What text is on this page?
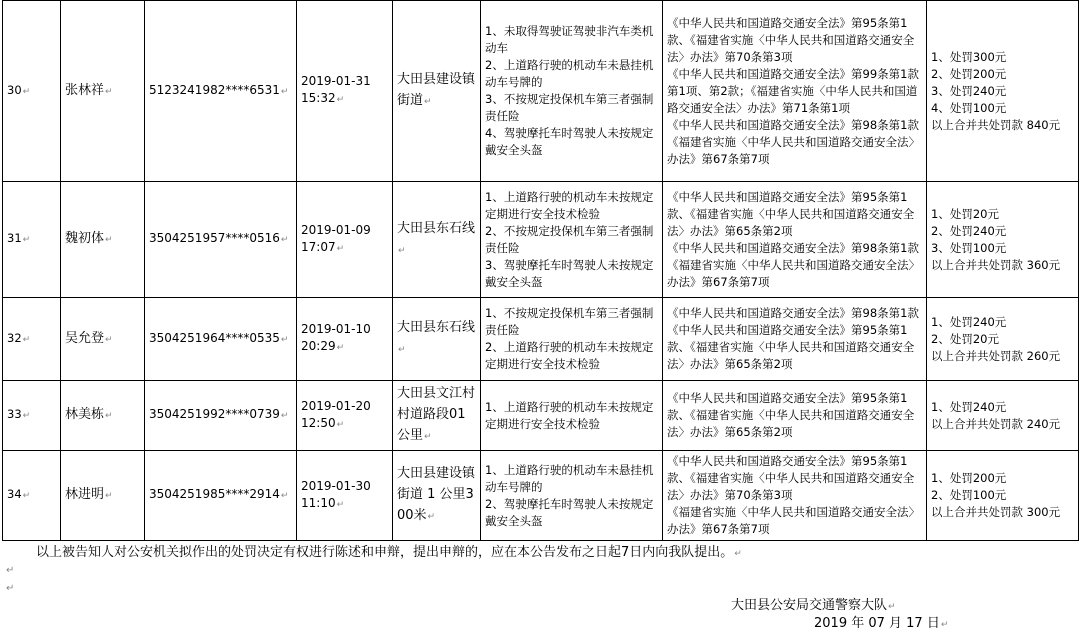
30↵	张林祥↵	5123241982****6531↵	2019-01-31
15:32↵	大田县建设镇街道↵	1、未取得驾驶证驾驶非汽车类机动车
2、上道路行驶的机动车未悬挂机动车号牌的
3、不按规定投保机车第三者强制责任险
4、驾驶摩托车时驾驶人未按规定戴安全头盔	《中华人民共和国道路交通安全法》第95条第1款、《福建省实施〈中华人民共和国道路交通安全法〉办法》第70条第3项
《中华人民共和国道路交通安全法》第99条第1款第1项、第2款；《福建省实施〈中华人民共和国道路交通安全法〉办法》第71条第1项
《中华人民共和国道路交通安全法》第98条第1款
《福建省实施〈中华人民共和国道路交通安全法〉办法》第67条第7项	1、处罚300元
2、处罚200元
3、处罚240元
4、处罚100元
以上合并共处罚款 840元

31↵	魏初体↵	3504251957****0516↵	2019-01-09
17:07↵	大田县东石线↵	1、上道路行驶的机动车未按规定定期进行安全技术检验
2、不按规定投保机车第三者强制责任险
3、驾驶摩托车时驾驶人未按规定戴安全头盔	《中华人民共和国道路交通安全法》第95条第1款、《福建省实施〈中华人民共和国道路交通安全法〉办法》第65条第2项
《中华人民共和国道路交通安全法》第98条第1款
《福建省实施〈中华人民共和国道路交通安全法〉办法》第67条第7项	1、处罚20元
2、处罚240元
3、处罚100元
以上合并共处罚款 360元

32↵	吴允登↵	3504251964****0535↵	2019-01-10
20:29↵	大田县东石线↵	1、不按规定投保机车第三者强制责任险
2、上道路行驶的机动车未按规定定期进行安全技术检验	《中华人民共和国道路交通安全法》第98条第1款
《中华人民共和国道路交通安全法》第95条第1款、《福建省实施〈中华人民共和国道路交通安全法〉办法》第65条第2项	1、处罚240元
2、处罚20元
以上合并共处罚款 260元

33↵	林美栋↵	3504251992****0739↵	2019-01-20
12:50↵	大田县文江村村道路段01公里↵	1、上道路行驶的机动车未按规定定期进行安全技术检验	《中华人民共和国道路交通安全法》第95条第1款、《福建省实施〈中华人民共和国道路交通安全法〉办法》第65条第2项	1、处罚240元
以上合并共处罚款 240元

34↵	林进明↵	3504251985****2914↵	2019-01-30
11:10↵	大田县建设镇街道 1 公里300米↵	1、上道路行驶的机动车未悬挂机动车号牌的
2、驾驶摩托车时驾驶人未按规定戴安全头盔	《中华人民共和国道路交通安全法》第95条第1款、《福建省实施〈中华人民共和国道路交通安全法〉办法》第70条第3项
《福建省实施〈中华人民共和国道路交通安全法〉办法》第67条第7项	1、处罚200元
2、处罚100元
以上合并共处罚款 300元
以上被告知人对公安机关拟作出的处罚决定有权进行陈述和申辩，提出申辩的，应在本公告发布之日起7日内向我队提出。↵
↵
↵
大田县公安局交通警察大队↵
2019 年 07 月 17 日↵
